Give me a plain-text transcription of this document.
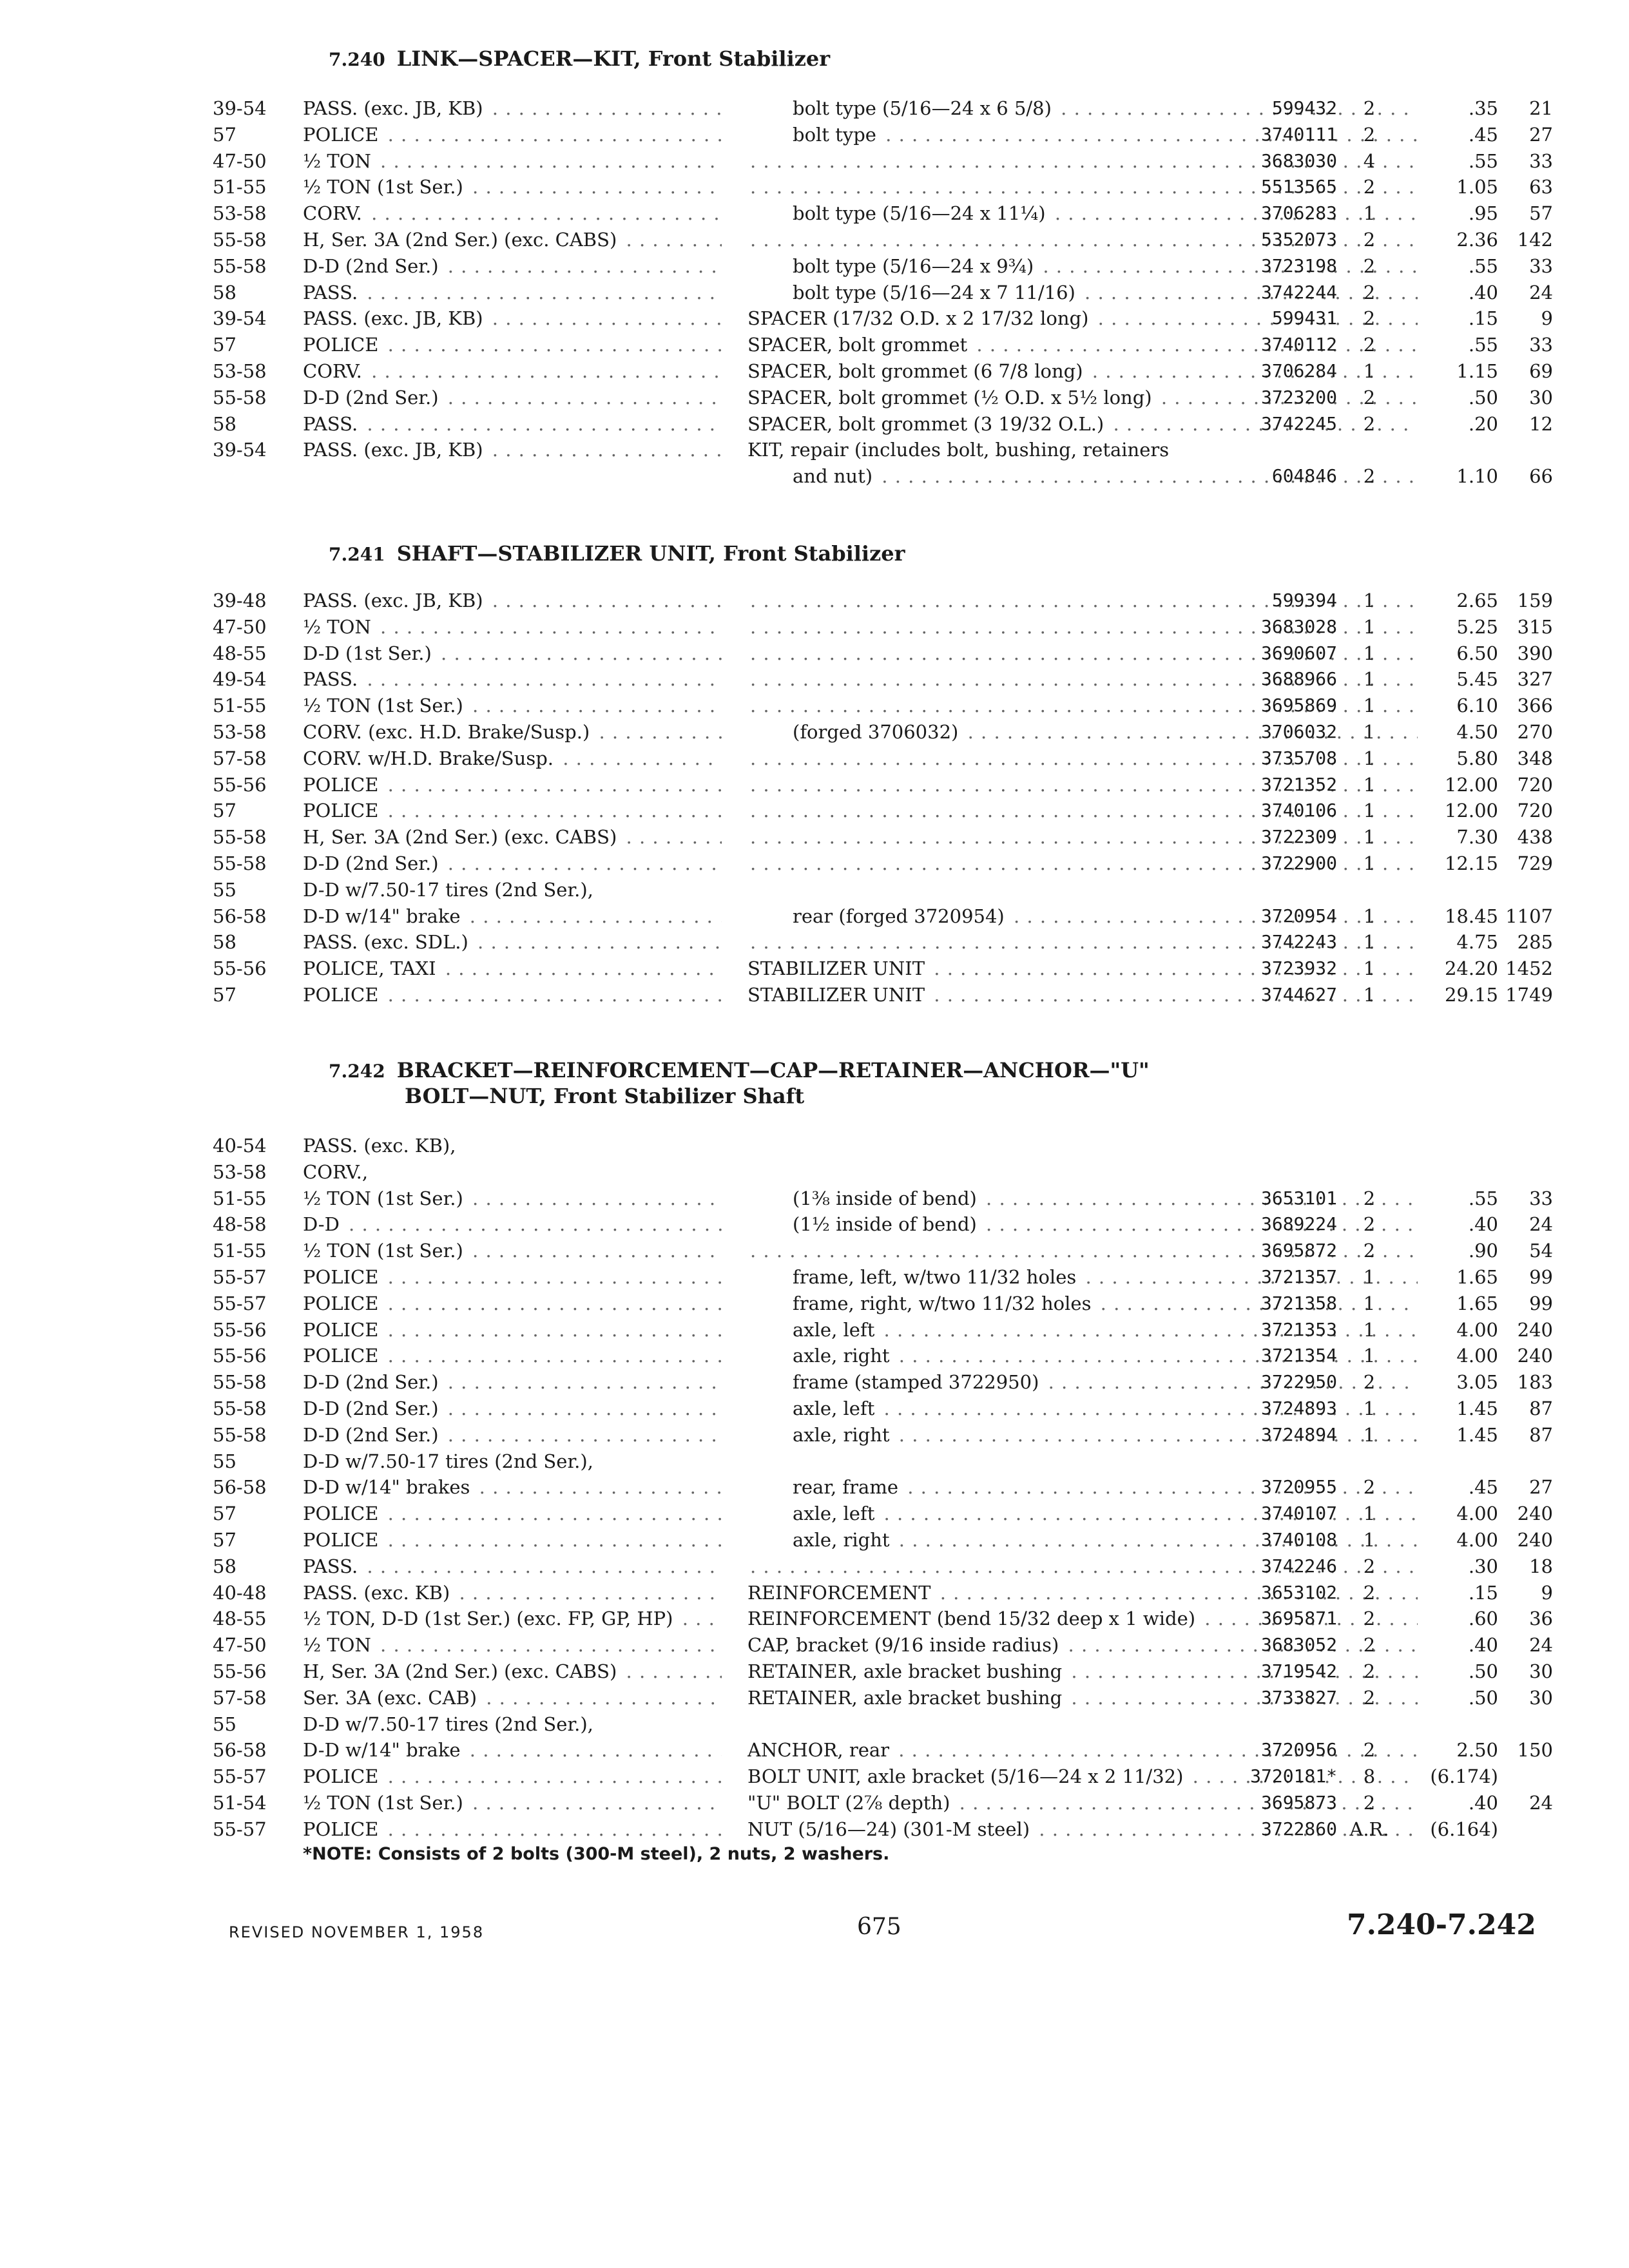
7.240 LINK—SPACER—KIT, Front Stabilizer
39-54	PASS. (exc. JB, KB) . . .	bolt type (5/16—24 x 6 5/8) . . .	599432	2	.35	21
57	POLICE . . .	bolt type . . .	3740111	2	.45	27
47-50	½ TON . . . . . .	3683030	4	.55	33
51-55	½ TON (1st Ser.) . . . . . .	5513565	2	1.05	63
53-58	CORV. . . .	bolt type (5/16—24 x 11¼) . . .	3706283	1	.95	57
55-58	H, Ser. 3A (2nd Ser.) (exc. CABS) . . . . . .	5352073	2	2.36	142
55-58	D-D (2nd Ser.) . . .	bolt type (5/16—24 x 9¾) . . .	3723198	2	.55	33
58	PASS. . . .	bolt type (5/16—24 x 7 11/16) . . .	3742244	2	.40	24
39-54	PASS. (exc. JB, KB) . . .	SPACER (17/32 O.D. x 2 17/32 long) . . .	599431	2	.15	9
57	POLICE . . .	SPACER, bolt grommet . . .	3740112	2	.55	33
53-58	CORV. . . .	SPACER, bolt grommet (6 7/8 long) . . .	3706284	1	1.15	69
55-58	D-D (2nd Ser.) . . .	SPACER, bolt grommet (½ O.D. x 5½ long) . . .	3723200	2	.50	30
58	PASS. . . .	SPACER, bolt grommet (3 19/32 O.L.) . . .	3742245	2	.20	12
39-54	PASS. (exc. JB, KB) . . .	KIT, repair (includes bolt, bushing, retainers
and nut) . . .	604846	2	1.10	66
7.241 SHAFT—STABILIZER UNIT, Front Stabilizer
39-48	PASS. (exc. JB, KB) . . . . . .	599394	1	2.65	159
47-50	½ TON . . . . . .	3683028	1	5.25	315
48-55	D-D (1st Ser.) . . . . . .	3690607	1	6.50	390
49-54	PASS. . . . . . .	3688966	1	5.45	327
51-55	½ TON (1st Ser.) . . . . . .	3695869	1	6.10	366
53-58	CORV. (exc. H.D. Brake/Susp.) . . .	(forged 3706032) . . .	3706032	1	4.50	270
57-58	CORV. w/H.D. Brake/Susp. . . . . . .	3735708	1	5.80	348
55-56	POLICE . . . . . .	3721352	1	12.00	720
57	POLICE . . . . . .	3740106	1	12.00	720
55-58	H, Ser. 3A (2nd Ser.) (exc. CABS) . . . . . .	3722309	1	7.30	438
55-58	D-D (2nd Ser.) . . . . . .	3722900	1	12.15	729
55	D-D w/7.50-17 tires (2nd Ser.),
56-58	D-D w/14" brake . . .	rear (forged 3720954) . . .	3720954	1	18.45 1107
58	PASS. (exc. SDL.) . . . . . .	3742243	1	4.75	285
55-56	POLICE, TAXI . . .	STABILIZER UNIT . . .	3723932	1	24.20 1452
57	POLICE . . .	STABILIZER UNIT . . .	3744627	1	29.15 1749
7.242 BRACKET—REINFORCEMENT—CAP—RETAINER—ANCHOR—"U"
BOLT—NUT, Front Stabilizer Shaft
40-54	PASS. (exc. KB),
53-58	CORV.,
51-55	½ TON (1st Ser.) . . .	(1⅜ inside of bend) . . .	3653101	2	.55	33
48-58	D-D . . .	(1½ inside of bend) . . .	3689224	2	.40	24
51-55	½ TON (1st Ser.) . . . . . .	3695872	2	.90	54
55-57	POLICE . . .	frame, left, w/two 11/32 holes . . .	3721357	1	1.65	99
55-57	POLICE . . .	frame, right, w/two 11/32 holes . . .	3721358	1	1.65	99
55-56	POLICE . . .	axle, left . . .	3721353	1	4.00	240
55-56	POLICE . . .	axle, right . . .	3721354	1	4.00	240
55-58	D-D (2nd Ser.) . . .	frame (stamped 3722950) . . .	3722950	2	3.05	183
55-58	D-D (2nd Ser.) . . .	axle, left . . .	3724893	1	1.45	87
55-58	D-D (2nd Ser.) . . .	axle, right . . .	3724894	1	1.45	87
55	D-D w/7.50-17 tires (2nd Ser.),
56-58	D-D w/14" brakes . . .	rear, frame . . .	3720955	2	.45	27
57	POLICE . . .	axle, left . . .	3740107	1	4.00	240
57	POLICE . . .	axle, right . . .	3740108	1	4.00	240
58	PASS. . . . . . .	3742246	2	.30	18
40-48	PASS. (exc. KB) . . .	REINFORCEMENT . . .	3653102	2	.15	9
48-55	½ TON, D-D (1st Ser.) (exc. FP, GP, HP) . . .	REINFORCEMENT (bend 15/32 deep x 1 wide) . . .	3695871	2	.60	36
47-50	½ TON . . .	CAP, bracket (9/16 inside radius) . . .	3683052	2	.40	24
55-56	H, Ser. 3A (2nd Ser.) (exc. CABS) . . .	RETAINER, axle bracket bushing . . .	3719542	2	.50	30
57-58	Ser. 3A (exc. CAB) . . .	RETAINER, axle bracket bushing . . .	3733827	2	.50	30
55	D-D w/7.50-17 tires (2nd Ser.),
56-58	D-D w/14" brake . . .	ANCHOR, rear . . .	3720956	2	2.50	150
55-57	POLICE . . .	BOLT UNIT, axle bracket (5/16—24 x 2 11/32) . . .	3720181*	8	(6.174)
51-54	½ TON (1st Ser.) . . .	"U" BOLT (2⅞ depth) . . .	3695873	2	.40	24
55-57	POLICE . . .	NUT (5/16—24) (301-M steel) . . .	3722860 A.R.	(6.164)
*NOTE: Consists of 2 bolts (300-M steel), 2 nuts, 2 washers.
REVISED NOVEMBER 1, 1958	675	7.240-7.242
